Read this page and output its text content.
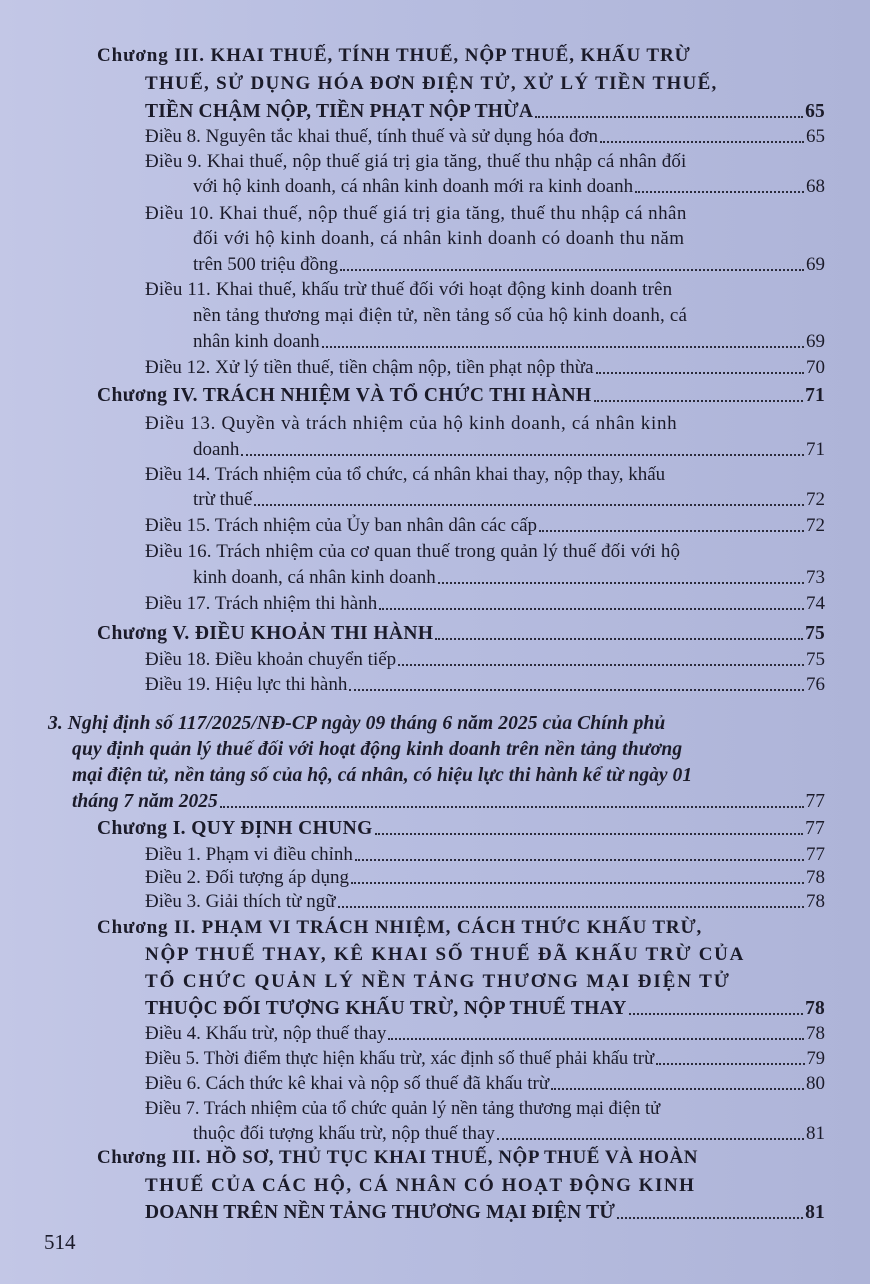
Chương III. KHAI THUẾ, TÍNH THUẾ, NỘP THUẾ, KHẤU TRỪ
THUẾ, SỬ DỤNG HÓA ĐƠN ĐIỆN TỬ, XỬ LÝ TIỀN THUẾ,
TIỀN CHẬM NỘP, TIỀN PHẠT NỘP THỪA	65
Điều 8. Nguyên tắc khai thuế, tính thuế và sử dụng hóa đơn	65
Điều 9. Khai thuế, nộp thuế giá trị gia tăng, thuế thu nhập cá nhân đối
với hộ kinh doanh, cá nhân kinh doanh mới ra kinh doanh	68
Điều 10. Khai thuế, nộp thuế giá trị gia tăng, thuế thu nhập cá nhân
đối với hộ kinh doanh, cá nhân kinh doanh có doanh thu năm
trên 500 triệu đồng	69
Điều 11. Khai thuế, khấu trừ thuế đối với hoạt động kinh doanh trên
nền tảng thương mại điện tử, nền tảng số của hộ kinh doanh, cá
nhân kinh doanh	69
Điều 12. Xử lý tiền thuế, tiền chậm nộp, tiền phạt nộp thừa	70
Chương IV. TRÁCH NHIỆM VÀ TỔ CHỨC THI HÀNH	71
Điều 13. Quyền và trách nhiệm của hộ kinh doanh, cá nhân kinh
doanh	71
Điều 14. Trách nhiệm của tổ chức, cá nhân khai thay, nộp thay, khấu
trừ thuế	72
Điều 15. Trách nhiệm của Ủy ban nhân dân các cấp	72
Điều 16. Trách nhiệm của cơ quan thuế trong quản lý thuế đối với hộ
kinh doanh, cá nhân kinh doanh	73
Điều 17. Trách nhiệm thi hành	74
Chương V. ĐIỀU KHOẢN THI HÀNH	75
Điều 18. Điều khoản chuyển tiếp	75
Điều 19. Hiệu lực thi hành	76
3. Nghị định số 117/2025/NĐ-CP ngày 09 tháng 6 năm 2025 của Chính phủ
quy định quản lý thuế đối với hoạt động kinh doanh trên nền tảng thương
mại điện tử, nền tảng số của hộ, cá nhân, có hiệu lực thi hành kể từ ngày 01
tháng 7 năm 2025	77
Chương I. QUY ĐỊNH CHUNG	77
Điều 1. Phạm vi điều chỉnh	77
Điều 2. Đối tượng áp dụng	78
Điều 3. Giải thích từ ngữ	78
Chương II. PHẠM VI TRÁCH NHIỆM, CÁCH THỨC KHẤU TRỪ,
NỘP THUẾ THAY, KÊ KHAI SỐ THUẾ ĐÃ KHẤU TRỪ CỦA
TỔ CHỨC QUẢN LÝ NỀN TẢNG THƯƠNG MẠI ĐIỆN TỬ
THUỘC ĐỐI TƯỢNG KHẤU TRỪ, NỘP THUẾ THAY	78
Điều 4. Khấu trừ, nộp thuế thay	78
Điều 5. Thời điểm thực hiện khấu trừ, xác định số thuế phải khấu trừ	79
Điều 6. Cách thức kê khai và nộp số thuế đã khấu trừ	80
Điều 7. Trách nhiệm của tổ chức quản lý nền tảng thương mại điện tử
thuộc đối tượng khấu trừ, nộp thuế thay	81
Chương III. HỒ SƠ, THỦ TỤC KHAI THUẾ, NỘP THUẾ VÀ HOÀN
THUẾ CỦA CÁC HỘ, CÁ NHÂN CÓ HOẠT ĐỘNG KINH
DOANH TRÊN NỀN TẢNG THƯƠNG MẠI ĐIỆN TỬ	81
514
